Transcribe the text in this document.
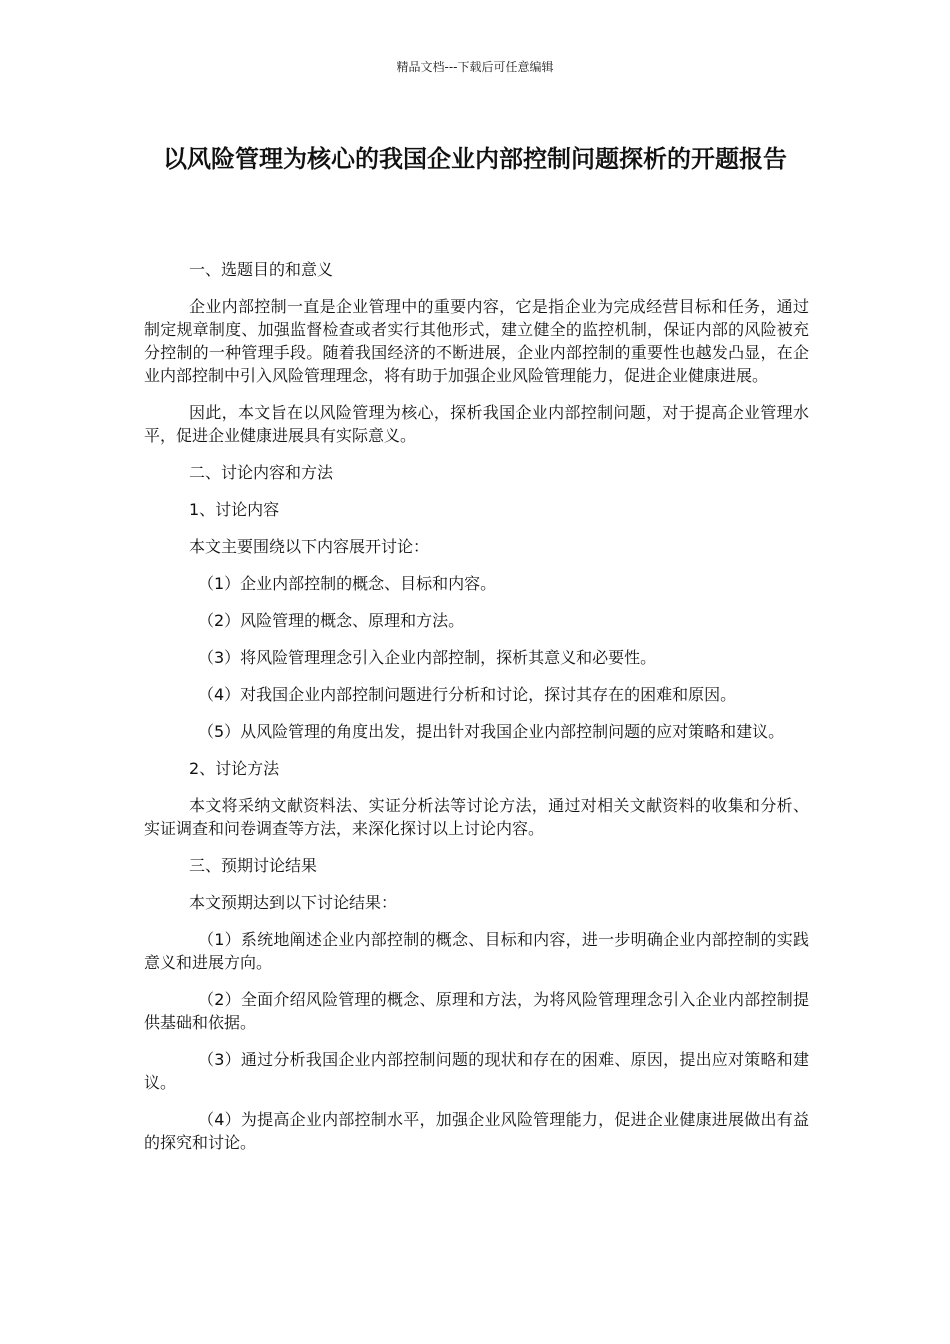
精品文档---下载后可任意编辑
以风险管理为核心的我国企业内部控制问题探析的开题报告

一、选题目的和意义

企业内部控制一直是企业管理中的重要内容，它是指企业为完成经营目标和任务，通过制定规章制度、加强监督检查或者实行其他形式，建立健全的监控机制，保证内部的风险被充分控制的一种管理手段。随着我国经济的不断进展，企业内部控制的重要性也越发凸显，在企业内部控制中引入风险管理理念，将有助于加强企业风险管理能力，促进企业健康进展。

因此，本文旨在以风险管理为核心，探析我国企业内部控制问题，对于提高企业管理水平，促进企业健康进展具有实际意义。

二、讨论内容和方法

1、讨论内容

本文主要围绕以下内容展开讨论：

（1）企业内部控制的概念、目标和内容。

（2）风险管理的概念、原理和方法。

（3）将风险管理理念引入企业内部控制，探析其意义和必要性。

（4）对我国企业内部控制问题进行分析和讨论，探讨其存在的困难和原因。

（5）从风险管理的角度出发，提出针对我国企业内部控制问题的应对策略和建议。

2、讨论方法

本文将采纳文献资料法、实证分析法等讨论方法，通过对相关文献资料的收集和分析、实证调查和问卷调查等方法，来深化探讨以上讨论内容。

三、预期讨论结果

本文预期达到以下讨论结果：

（1）系统地阐述企业内部控制的概念、目标和内容，进一步明确企业内部控制的实践意义和进展方向。

（2）全面介绍风险管理的概念、原理和方法，为将风险管理理念引入企业内部控制提供基础和依据。

（3）通过分析我国企业内部控制问题的现状和存在的困难、原因，提出应对策略和建议。

（4）为提高企业内部控制水平，加强企业风险管理能力，促进企业健康进展做出有益的探究和讨论。
